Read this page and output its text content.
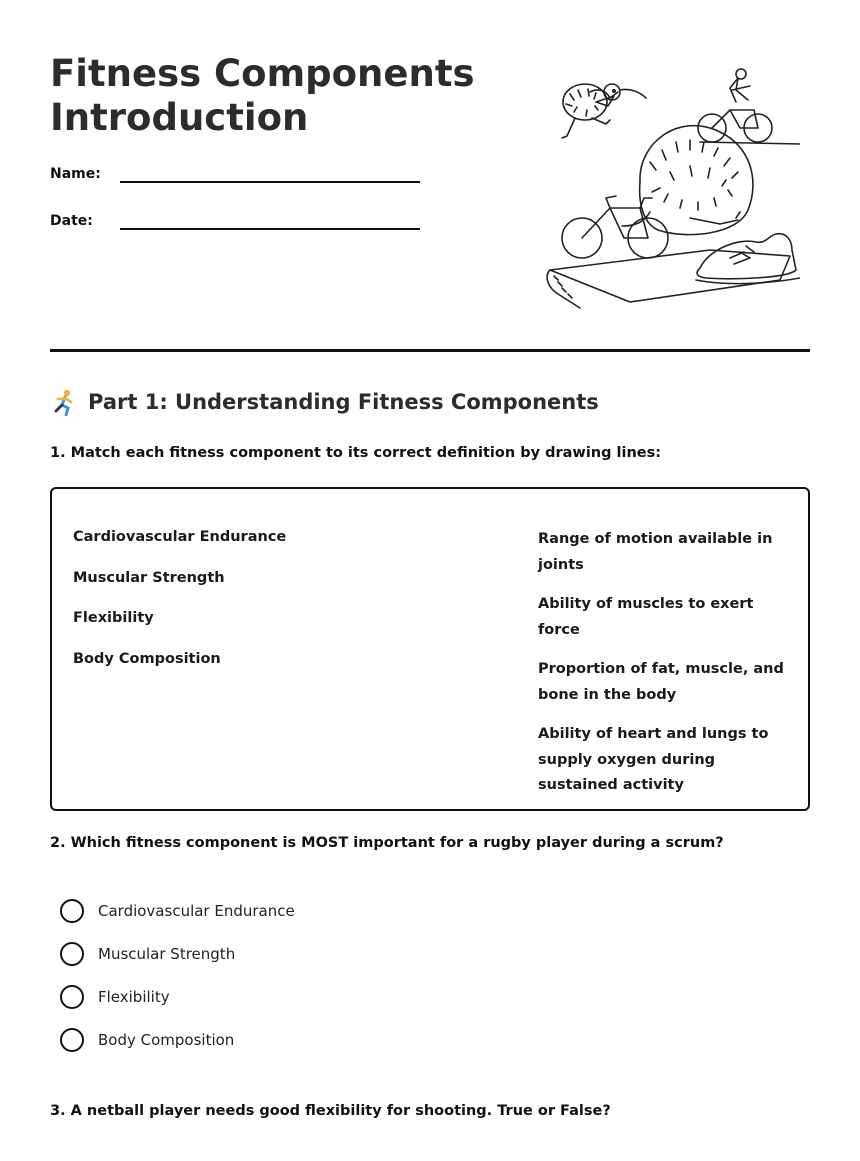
Fitness Components
Introduction
Name:
Date:
Part 1: Understanding Fitness Components
1. Match each fitness component to its correct definition by drawing lines:
Cardiovascular Endurance
Muscular Strength
Flexibility
Body Composition
Range of motion available in joints
Ability of muscles to exert force
Proportion of fat, muscle, and bone in the body
Ability of heart and lungs to supply oxygen during sustained activity
2. Which fitness component is MOST important for a rugby player during a scrum?
Cardiovascular Endurance
Muscular Strength
Flexibility
Body Composition
3. A netball player needs good flexibility for shooting. True or False?
